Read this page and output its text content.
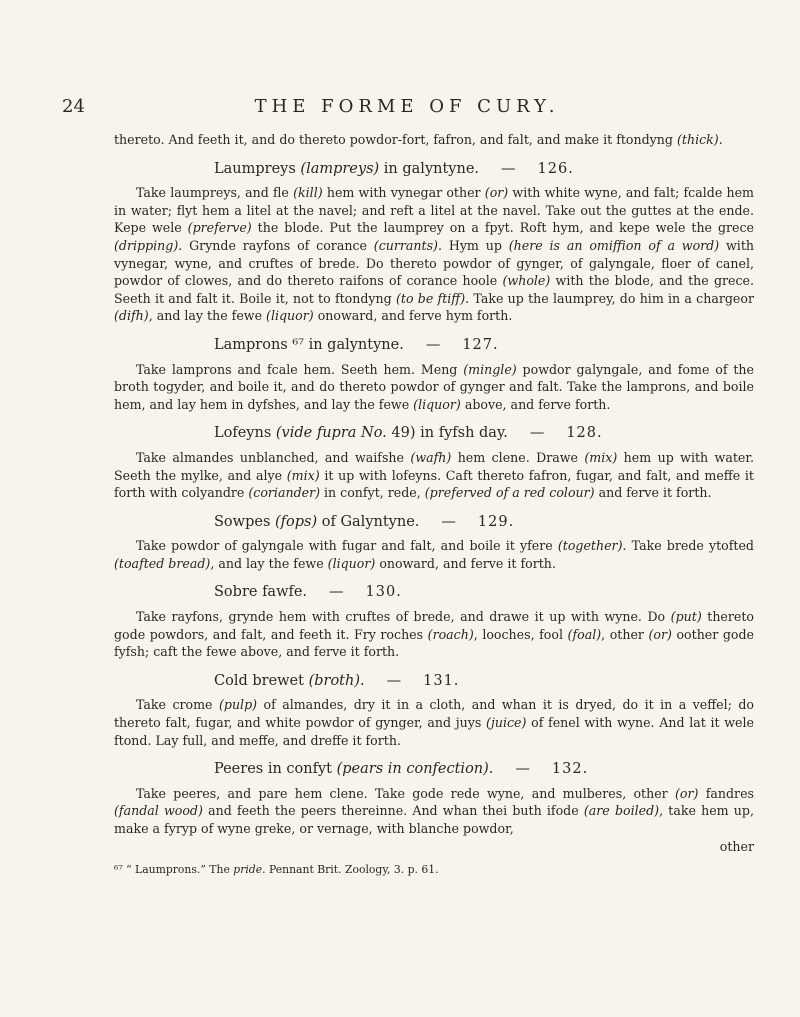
24	THE FORME OF CURY.

thereto. And feeth it, and do thereto powdor-fort, fafron, and falt, and make it ftondyng (thick).

Laumpreys (lampreys) in galyntyne. — 126.

Take laumpreys, and fle (kill) hem with vynegar other (or) with white wyne, and falt; fcalde hem in water; flyt hem a litel at the navel; and reft a litel at the navel. Take out the guttes at the ende. Kepe wele (preferve) the blode. Put the laumprey on a fpyt. Roft hym, and kepe wele the grece (dripping). Grynde rayfons of corance (currants). Hym up (here is an omiffion of a word) with vynegar, wyne, and cruftes of brede. Do thereto powdor of gynger, of galyngale, floer of canel, powdor of clowes, and do thereto raifons of corance hoole (whole) with the blode, and the grece. Seeth it and falt it. Boile it, not to ftondyng (to be ftiff). Take up the laumprey, do him in a chargeor (difh), and lay the fewe (liquor) onoward, and ferve hym forth.

Lamprons ⁶⁷ in galyntyne. — 127.

Take lamprons and fcale hem. Seeth hem. Meng (mingle) powdor galyngale, and fome of the broth togyder, and boile it, and do thereto powdor of gynger and falt. Take the lamprons, and boile hem, and lay hem in dyfshes, and lay the fewe (liquor) above, and ferve forth.

Lofeyns (vide fupra No. 49) in fyfsh day. — 128.

Take almandes unblanched, and waifshe (wafh) hem clene. Drawe (mix) hem up with water. Seeth the mylke, and alye (mix) it up with lofeyns. Caft thereto fafron, fugar, and falt, and meffe it forth with colyandre (coriander) in confyt, rede, (preferved of a red colour) and ferve it forth.

Sowpes (fops) of Galyntyne. — 129.

Take powdor of galyngale with fugar and falt, and boile it yfere (together). Take brede ytofted (toafted bread), and lay the fewe (liquor) onoward, and ferve it forth.

Sobre fawfe. — 130.

Take rayfons, grynde hem with cruftes of brede, and drawe it up with wyne. Do (put) thereto gode powdors, and falt, and feeth it. Fry roches (roach), looches, fool (foal), other (or) oother gode fyfsh; caft the fewe above, and ferve it forth.

Cold brewet (broth). — 131.

Take crome (pulp) of almandes, dry it in a cloth, and whan it is dryed, do it in a veffel; do thereto falt, fugar, and white powdor of gynger, and juys (juice) of fenel with wyne. And lat it wele ftond. Lay full, and meffe, and dreffe it forth.

Peeres in confyt (pears in confection). — 132.

Take peeres, and pare hem clene. Take gode rede wyne, and mulberes, other (or) fandres (fandal wood) and feeth the peers thereinne. And whan thei buth ifode (are boiled), take hem up, make a fyryp of wyne greke, or vernage, with blanche powdor,

other
⁶⁷ “ Laumprons.” The pride. Pennant Brit. Zoology, 3. p. 61.
